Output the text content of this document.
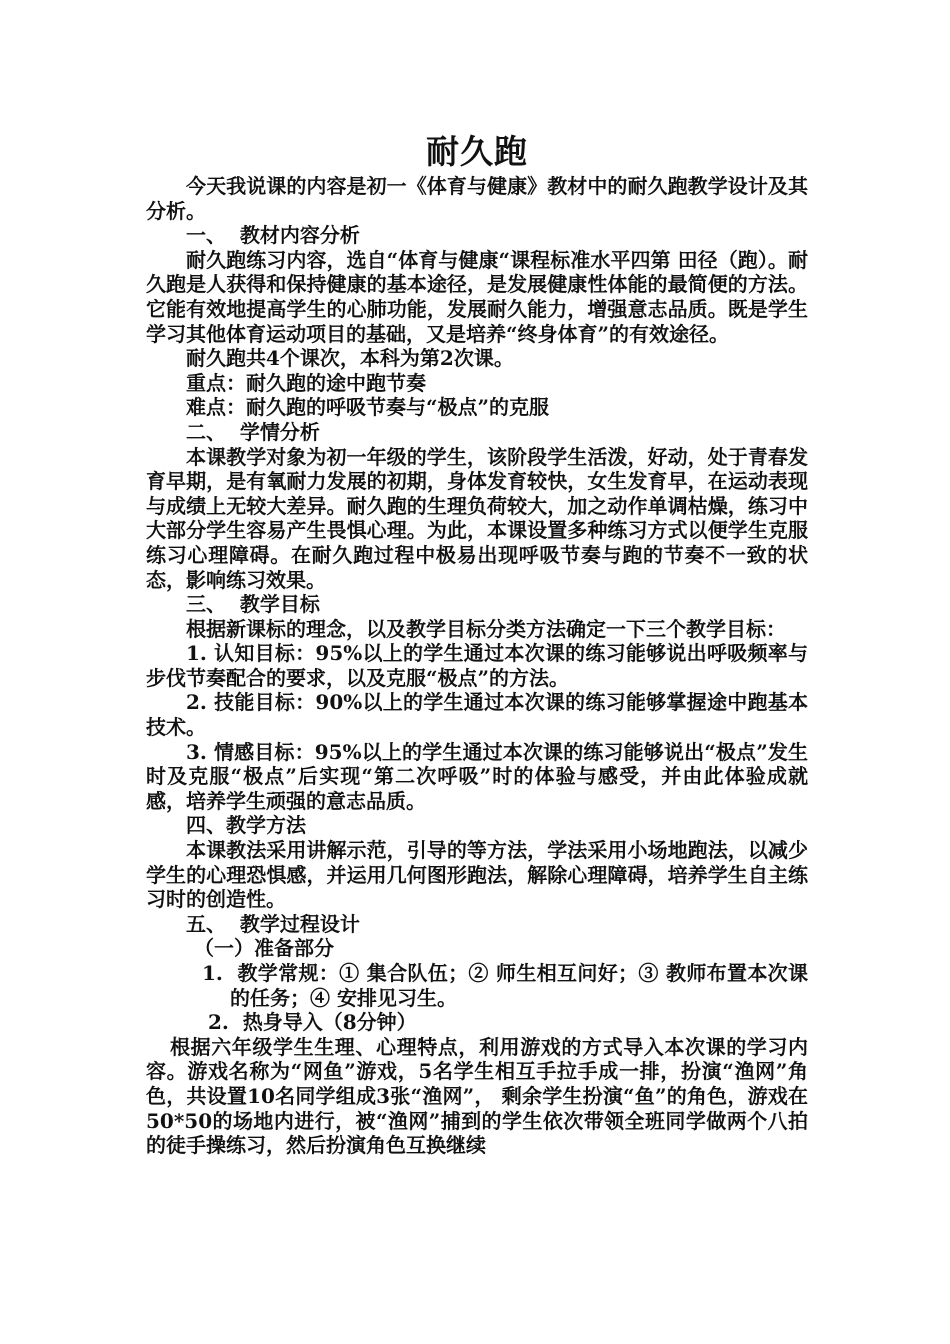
耐久跑
今天我说课的内容是初一《体育与健康》教材中的耐久跑教学设计及其分析。
一、  教材内容分析
耐久跑练习内容，选自“体育与健康“课程标准水平四第 田径（跑）。耐久跑是人获得和保持健康的基本途径，是发展健康性体能的最简便的方法。它能有效地提高学生的心肺功能，发展耐久能力，增强意志品质。既是学生学习其他体育运动项目的基础，又是培养“终身体育”的有效途径。
耐久跑共4个课次，本科为第2次课。
重点：耐久跑的途中跑节奏
难点：耐久跑的呼吸节奏与“极点”的克服
二、  学情分析
本课教学对象为初一年级的学生，该阶段学生活泼，好动，处于青春发育早期，是有氧耐力发展的初期，身体发育较快，女生发育早，在运动表现与成绩上无较大差异。耐久跑的生理负荷较大，加之动作单调枯燥，练习中大部分学生容易产生畏惧心理。为此，本课设置多种练习方式以便学生克服练习心理障碍。在耐久跑过程中极易出现呼吸节奏与跑的节奏不一致的状态，影响练习效果。
三、  教学目标
根据新课标的理念，以及教学目标分类方法确定一下三个教学目标：
1. 认知目标：95%以上的学生通过本次课的练习能够说出呼吸频率与步伐节奏配合的要求，以及克服“极点”的方法。
2. 技能目标：90%以上的学生通过本次课的练习能够掌握途中跑基本技术。
3. 情感目标：95%以上的学生通过本次课的练习能够说出“极点”发生时及克服“极点”后实现“第二次呼吸”时的体验与感受，并由此体验成就感，培养学生顽强的意志品质。
四、教学方法
本课教法采用讲解示范，引导的等方法，学法采用小场地跑法，以减少学生的心理恐惧感，并运用几何图形跑法，解除心理障碍，培养学生自主练习时的创造性。
五、  教学过程设计
（一）准备部分
1.  教学常规：① 集合队伍；② 师生相互问好；③ 教师布置本次课的任务；④ 安排见习生。
2.  热身导入（8分钟）
根据六年级学生生理、心理特点，利用游戏的方式导入本次课的学习内容。游戏名称为“网鱼”游戏，5名学生相互手拉手成一排，扮演“渔网”角色，共设置10名同学组成3张“渔网”， 剩余学生扮演“鱼”的角色，游戏在50*50的场地内进行，被“渔网”捕到的学生依次带领全班同学做两个八拍的徒手操练习，然后扮演角色互换继续
